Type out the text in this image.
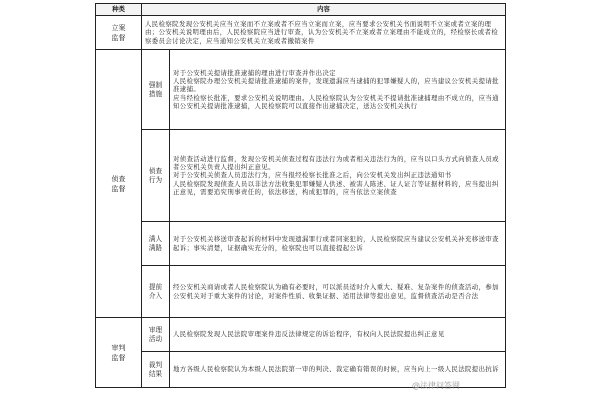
种类	内容	
立案
监督	人民检察院发现公安机关应当立案而不立案或者不应当立案而立案，应当要求公安机关书面说明不立案或者立案的理由；公安机关说明理由后，人民检察院应当进行审查，认为公安机关不立案或者立案理由不能成立的，经检察长或者检察委员会讨论决定，应当通知公安机关立案或者撤销案件	
侦查
监督	强制
措施	对于公安机关提请批准逮捕的理由进行审查并作出决定
人民检察院办理公安机关提请批准逮捕的案件，发现遗漏应当逮捕的犯罪嫌疑人的，应当建议公安机关提请批准逮捕。
应当经检察长批准，要求公安机关说明理由。人民检察院认为公安机关不提请批准逮捕理由不成立的，应当通知公安机关提请批准逮捕，人民检察院可以直接作出逮捕决定，送达公安机关执行

	侦查
行为	对侦查活动进行监督，发现公安机关侦查过程有违法行为或者相关违法行为的，应当以口头方式向侦查人员或者公安机关负责人提出纠正意见。
对于公安机关侦查人员违法行为，应当报经检察长批准之后，向公安机关发出纠正违法通知书
人民检察院发现侦查人员以非法方法收集犯罪嫌疑人供述、被害人陈述、证人证言等证据材料的，应当提出纠正意见，需要追究刑事责任的，依法移送，构成犯罪的，应当依法立案侦查

	满人
满路	对于公安机关移送审查起诉的材料中发现遗漏罪行或者同案犯的，人民检察院应当建议公安机关补充移送审查起诉；事实清楚，证据确实充分的，检察院也可以直接提起公诉
	提前
介入	经公安机关商请或者人民检察院认为确有必要时，可以派员适时介入重大、疑难、复杂案件的侦查活动，参加公安机关对于重大案件的讨论，对案件性质、收集证据、适用法律等提出意见，监督侦查活动是否合法
审判
监督	审理
活动	人民检察院发现人民法院审理案件违反法律规定的诉讼程序，有权向人民法院提出纠正意见
	裁判
结果	地方各级人民检察院认为本级人民法院第一审的判决、裁定确有错误的时候，应当向上一级人民法院提出抗诉
@法律问答网
